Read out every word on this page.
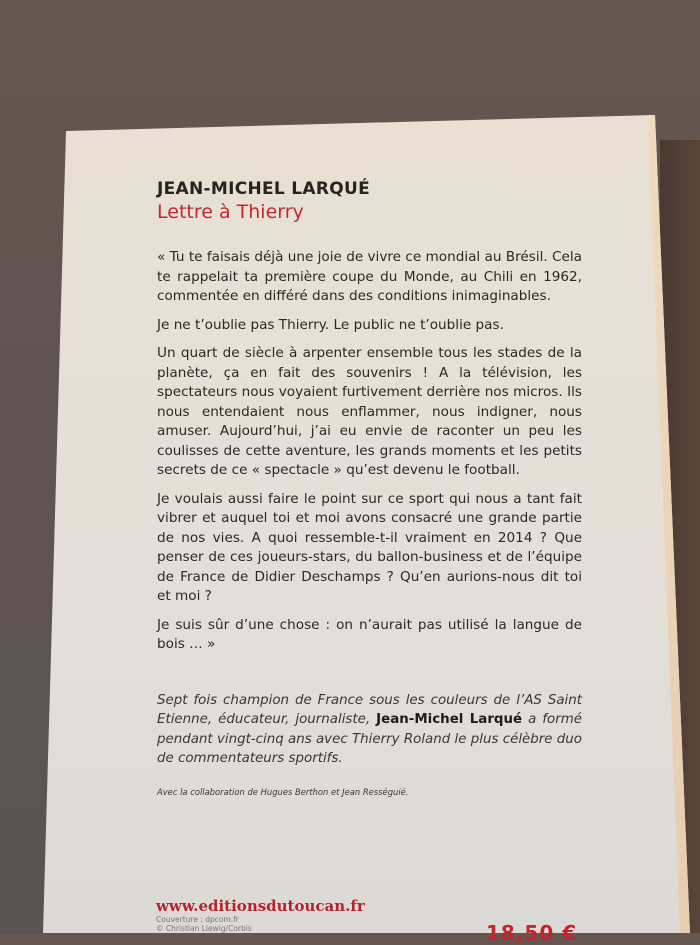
JEAN-MICHEL LARQUÉ
Lettre à Thierry

« Tu te faisais déjà une joie de vivre ce mondial au Brésil. Cela te rappelait ta première coupe du Monde, au Chili en 1962, commentée en différé dans des conditions inimaginables.

Je ne t’oublie pas Thierry. Le public ne t’oublie pas.

Un quart de siècle à arpenter ensemble tous les stades de la planète, ça en fait des souvenirs ! A la télévision, les spectateurs nous voyaient furtivement derrière nos micros. Ils nous entendaient nous enflammer, nous indigner, nous amuser. Aujourd’hui, j’ai eu envie de raconter un peu les coulisses de cette aventure, les grands moments et les petits secrets de ce « spectacle » qu’est devenu le football.

Je voulais aussi faire le point sur ce sport qui nous a tant fait vibrer et auquel toi et moi avons consacré une grande partie de nos vies. A quoi ressemble-t-il vraiment en 2014 ? Que penser de ces joueurs-stars, du ballon-business et de l’équipe de France de Didier Deschamps ? Qu’en aurions-nous dit toi et moi ?

Je suis sûr d’une chose : on n’aurait pas utilisé la langue de bois … »

Sept fois champion de France sous les couleurs de l’AS Saint Etienne, éducateur, journaliste, Jean-Michel Larqué a formé pendant vingt-cinq ans avec Thierry Roland le plus célèbre duo de commentateurs sportifs.
Avec la collaboration de Hugues Berthon et Jean Rességuié.
www.editionsdutoucan.fr
Couverture : dpcom.fr
© Christian Liewig/Corbis	18,50 €
